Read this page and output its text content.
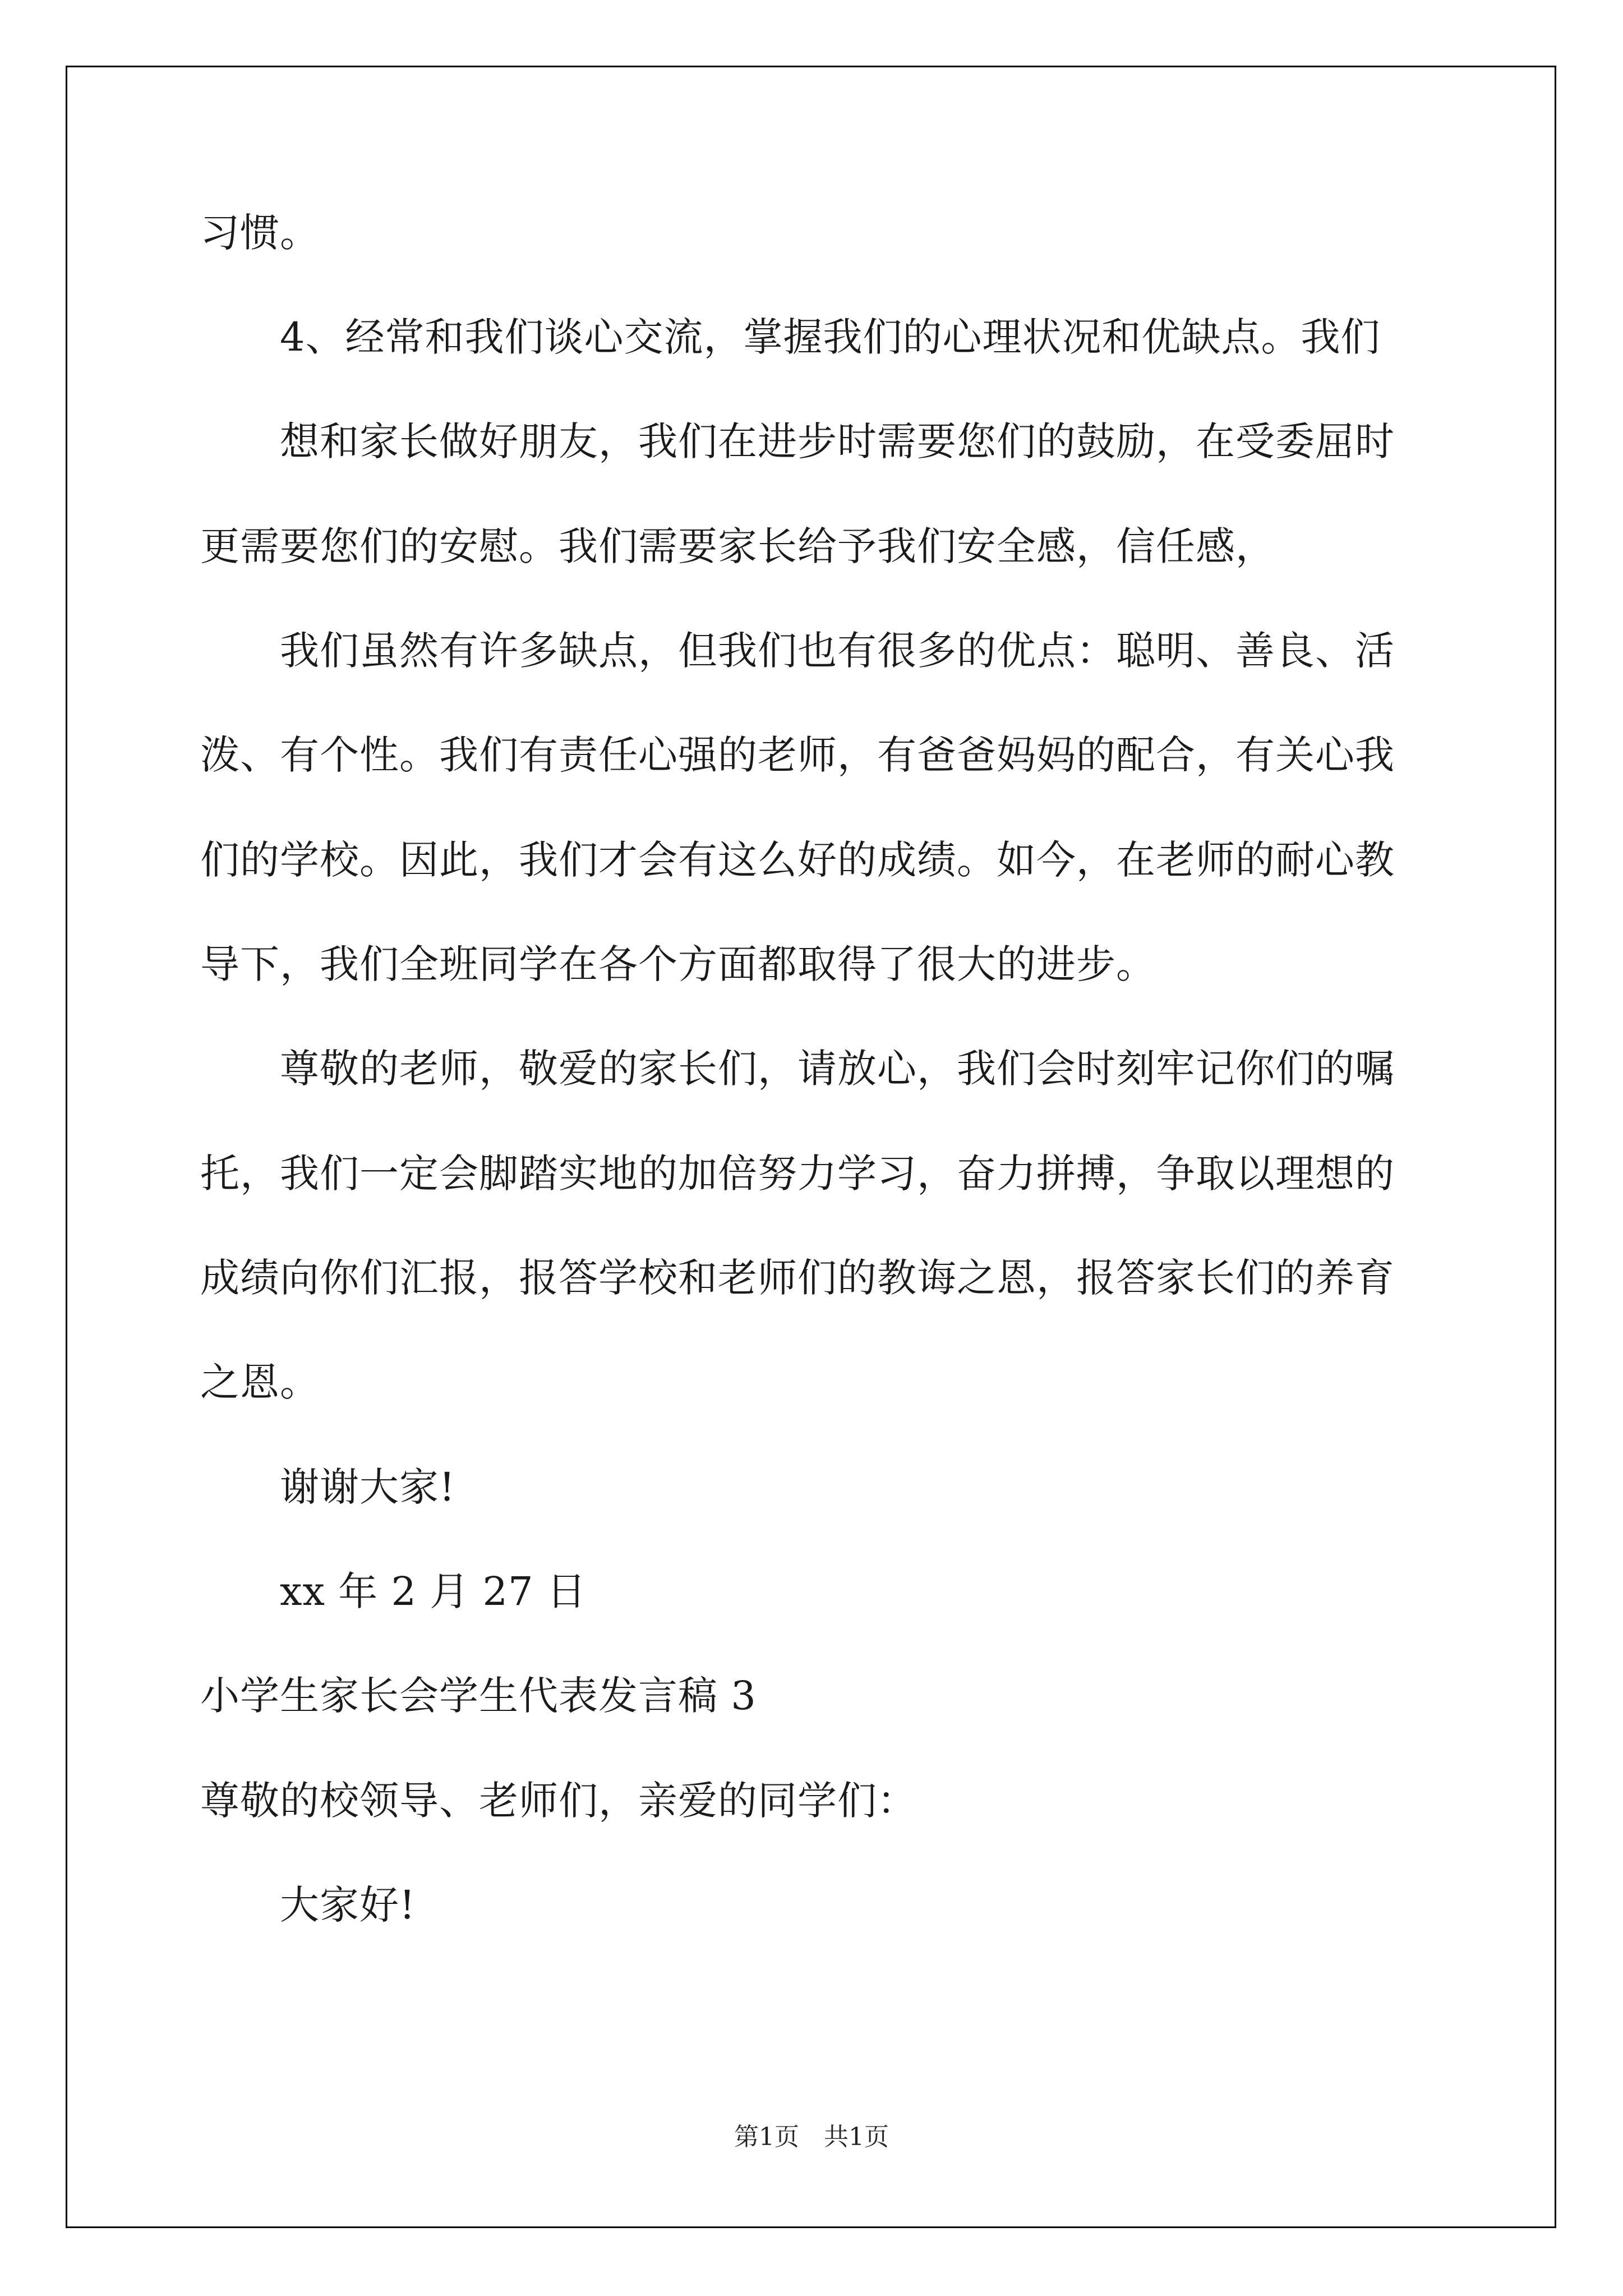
习惯。
4、经常和我们谈心交流，掌握我们的心理状况和优缺点。我们
想和家长做好朋友，我们在进步时需要您们的鼓励，在受委屈时
更需要您们的安慰。我们需要家长给予我们安全感，信任感，
我们虽然有许多缺点，但我们也有很多的优点：聪明、善良、活
泼、有个性。我们有责任心强的老师，有爸爸妈妈的配合，有关心我
们的学校。因此，我们才会有这么好的成绩。如今，在老师的耐心教
导下，我们全班同学在各个方面都取得了很大的进步。
尊敬的老师，敬爱的家长们，请放心，我们会时刻牢记你们的嘱
托，我们一定会脚踏实地的加倍努力学习，奋力拼搏，争取以理想的
成绩向你们汇报，报答学校和老师们的教诲之恩，报答家长们的养育
之恩。
谢谢大家!
xx 年 2 月 27 日
小学生家长会学生代表发言稿 3
尊敬的校领导、老师们，亲爱的同学们：
大家好!
第1页　共1页
